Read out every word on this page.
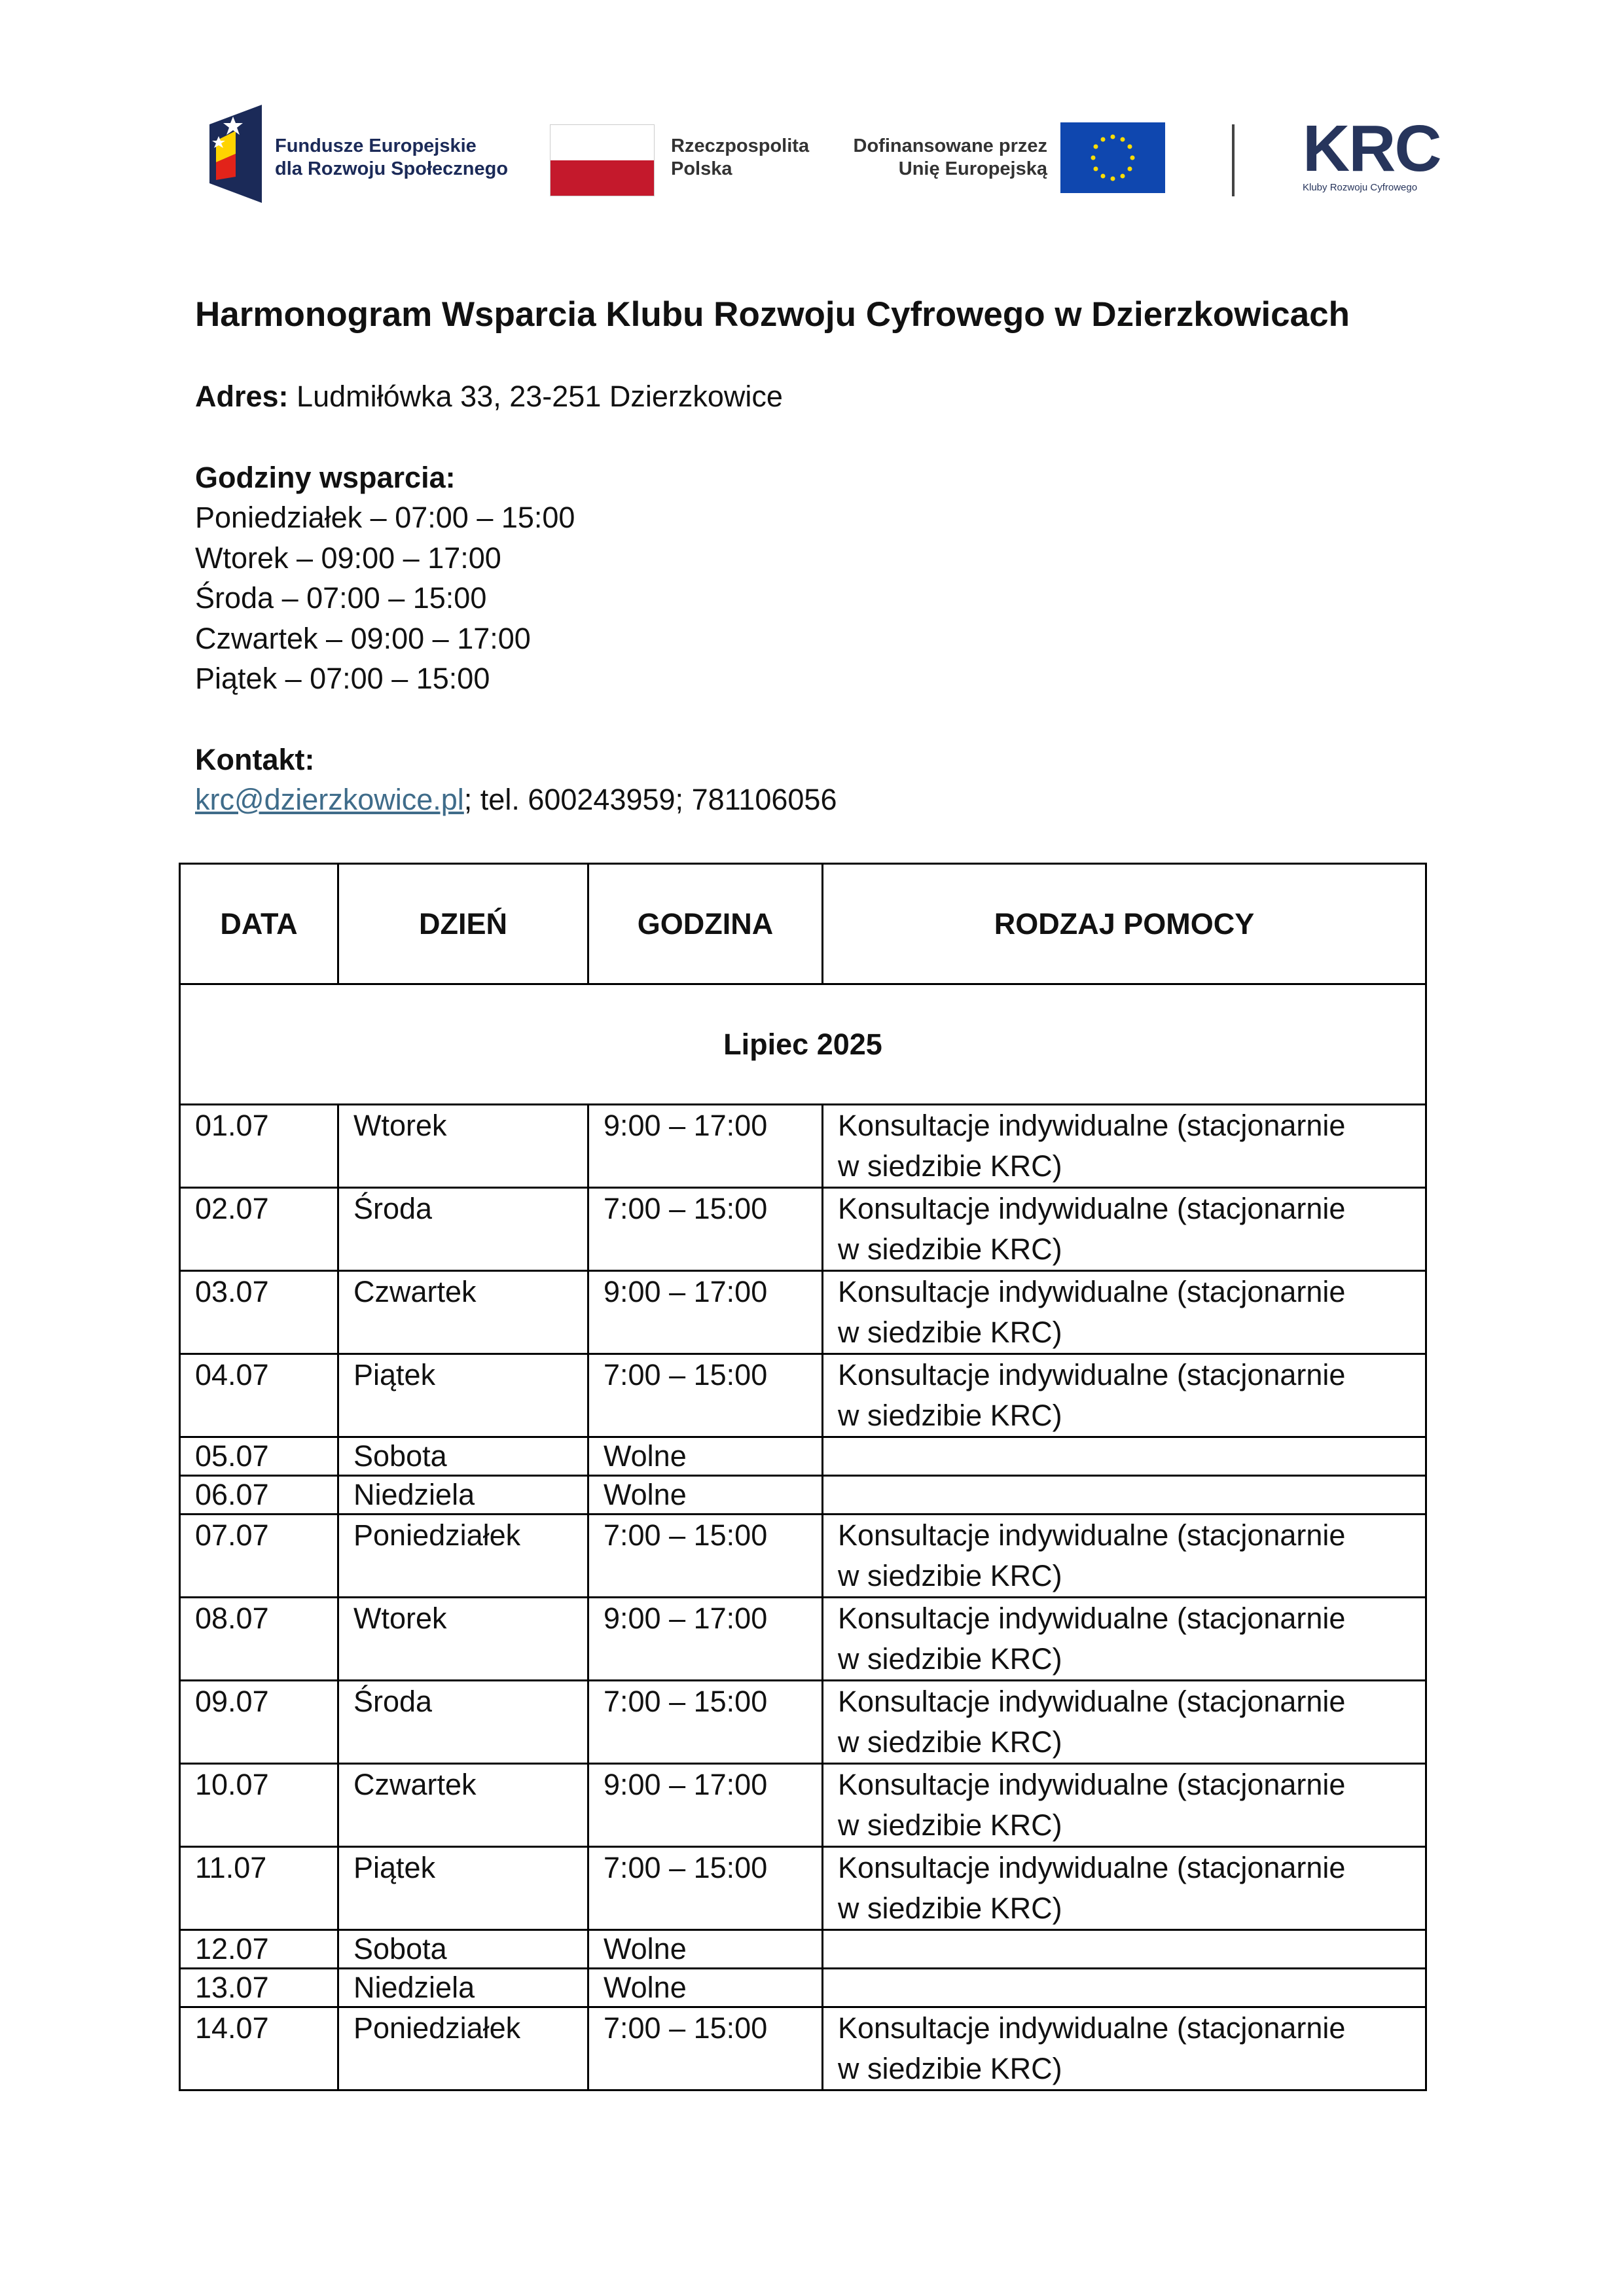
Fundusze Europejskie
dla Rozwoju Społecznego
Rzeczpospolita
Polska
Dofinansowane przez
Unię Europejską	KRC
Kluby Rozwoju Cyfrowego
Harmonogram Wsparcia Klubu Rozwoju Cyfrowego w Dzierzkowicach
Adres: Ludmiłówka 33, 23-251 Dzierzkowice
Godziny wsparcia:
Poniedziałek – 07:00 – 15:00
Wtorek – 09:00 – 17:00
Środa – 07:00 – 15:00
Czwartek – 09:00 – 17:00
Piątek – 07:00 – 15:00
Kontakt:
krc@dzierzkowice.pl; tel. 600243959; 781106056
DATA	DZIEŃ	GODZINA	RODZAJ POMOCY
Lipiec 2025			
01.07	Wtorek	9:00 – 17:00	Konsultacje indywidualne (stacjonarnie
w siedzibie KRC)

02.07	Środa	7:00 – 15:00	Konsultacje indywidualne (stacjonarnie
w siedzibie KRC)

03.07	Czwartek	9:00 – 17:00	Konsultacje indywidualne (stacjonarnie
w siedzibie KRC)

04.07	Piątek	7:00 – 15:00	Konsultacje indywidualne (stacjonarnie
w siedzibie KRC)

05.07	Sobota	Wolne	
06.07	Niedziela	Wolne	
07.07	Poniedziałek	7:00 – 15:00	Konsultacje indywidualne (stacjonarnie
w siedzibie KRC)

08.07	Wtorek	9:00 – 17:00	Konsultacje indywidualne (stacjonarnie
w siedzibie KRC)

09.07	Środa	7:00 – 15:00	Konsultacje indywidualne (stacjonarnie
w siedzibie KRC)

10.07	Czwartek	9:00 – 17:00	Konsultacje indywidualne (stacjonarnie
w siedzibie KRC)

11.07	Piątek	7:00 – 15:00	Konsultacje indywidualne (stacjonarnie
w siedzibie KRC)

12.07	Sobota	Wolne	
13.07	Niedziela	Wolne	
14.07	Poniedziałek	7:00 – 15:00	Konsultacje indywidualne (stacjonarnie
w siedzibie KRC)
